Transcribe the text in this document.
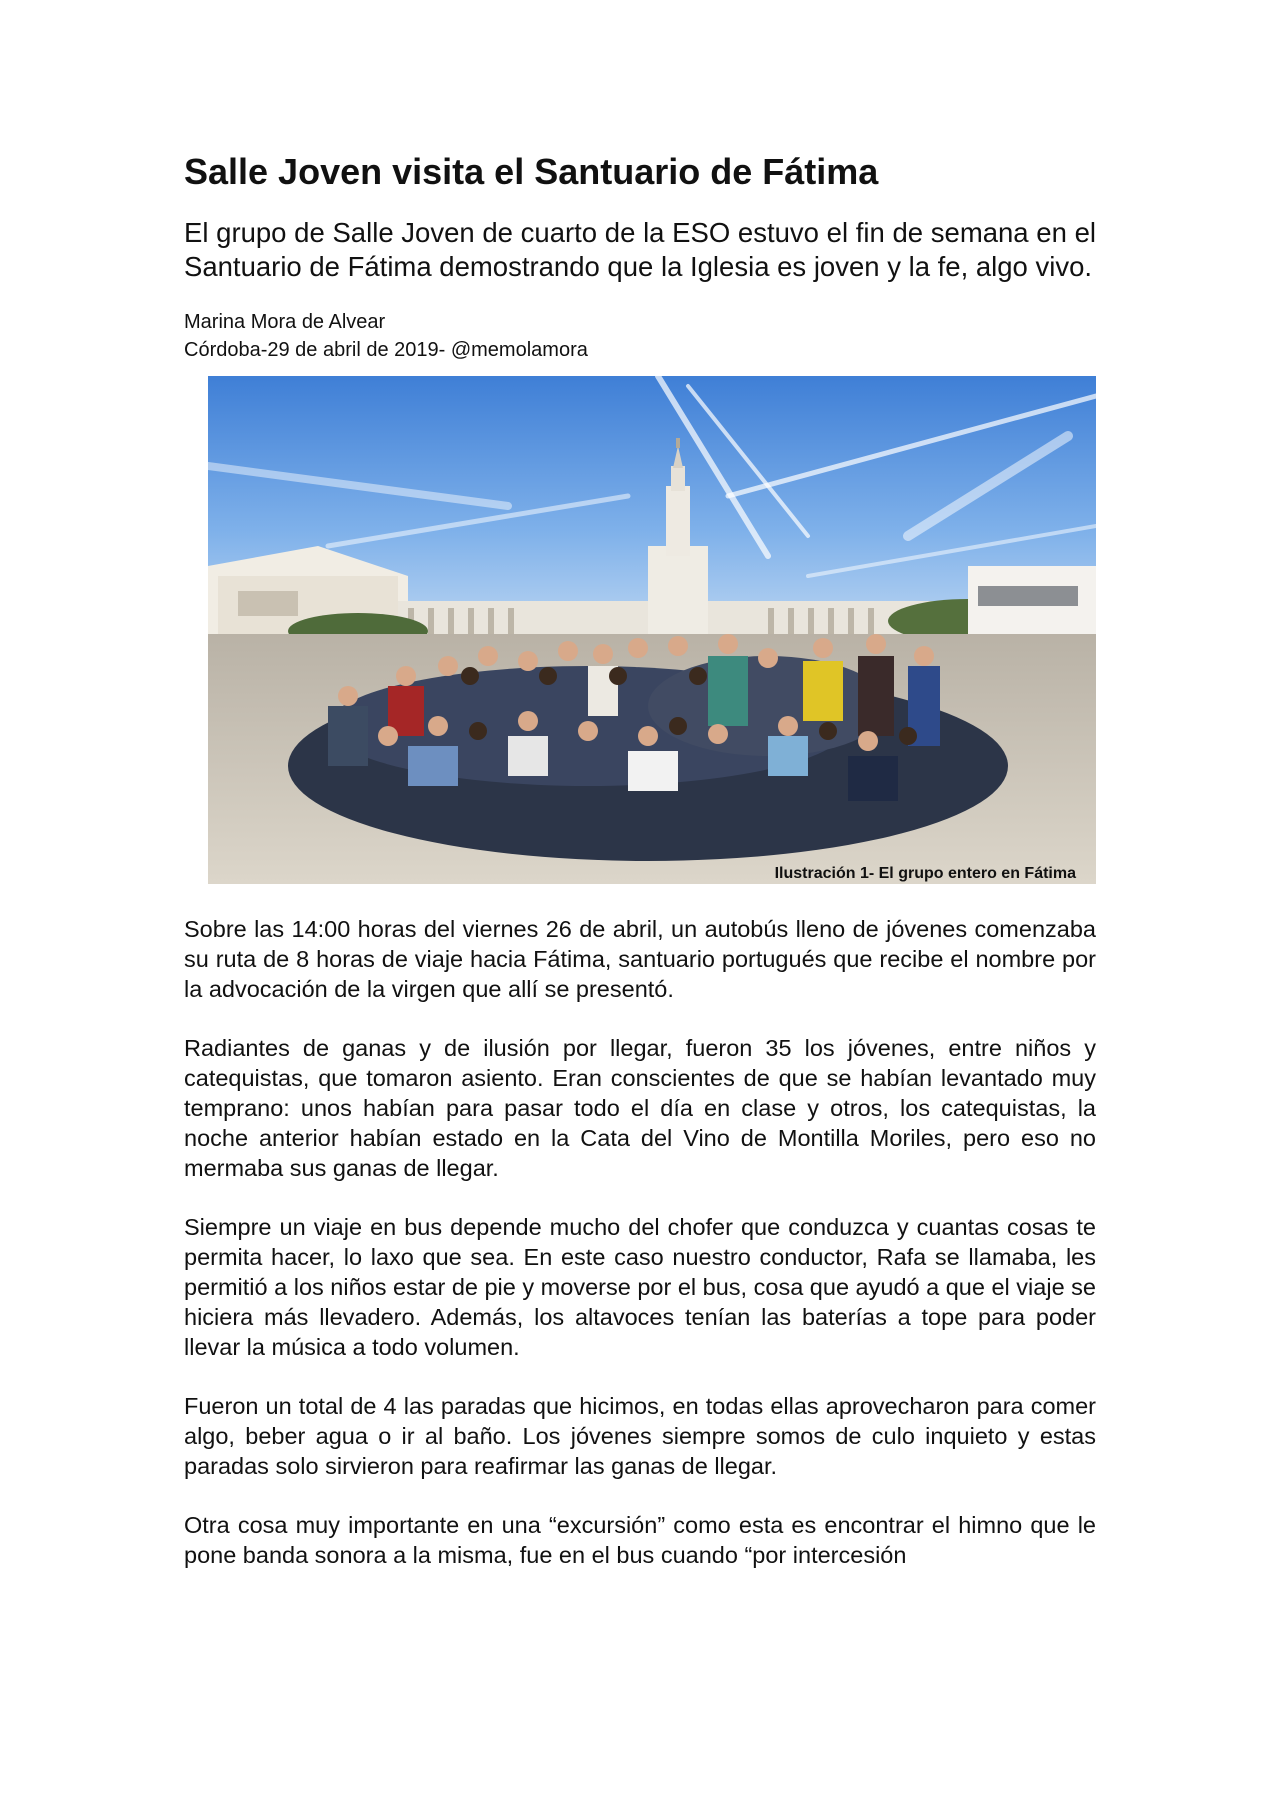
Salle Joven visita el Santuario de Fátima

El grupo de Salle Joven de cuarto de la ESO estuvo el fin de semana en el Santuario de Fátima demostrando que la Iglesia es joven y la fe, algo vivo.

Marina Mora de Alvear
Córdoba-29 de abril de 2019- @memolamora
Ilustración 1- El grupo entero en Fátima

Sobre las 14:00 horas del viernes 26 de abril, un autobús lleno de jóvenes comenzaba su ruta de 8 horas de viaje hacia Fátima, santuario portugués que recibe el nombre por la advocación de la virgen que allí se presentó.

Radiantes de ganas y de ilusión por llegar, fueron 35 los jóvenes, entre niños y catequistas, que tomaron asiento. Eran conscientes de que se habían levantado muy temprano: unos habían para pasar todo el día en clase y otros, los catequistas, la noche anterior habían estado en la Cata del Vino de Montilla Moriles, pero eso no mermaba sus ganas de llegar.

Siempre un viaje en bus depende mucho del chofer que conduzca y cuantas cosas te permita hacer, lo laxo que sea. En este caso nuestro conductor, Rafa se llamaba, les permitió a los niños estar de pie y moverse por el bus, cosa que ayudó a que el viaje se hiciera más llevadero. Además, los altavoces tenían las baterías a tope para poder llevar la música a todo volumen.

Fueron un total de 4 las paradas que hicimos, en todas ellas aprovecharon para comer algo, beber agua o ir al baño. Los jóvenes siempre somos de culo inquieto y estas paradas solo sirvieron para reafirmar las ganas de llegar.

Otra cosa muy importante en una “excursión” como esta es encontrar el himno que le pone banda sonora a la misma, fue en el bus cuando “por intercesión
